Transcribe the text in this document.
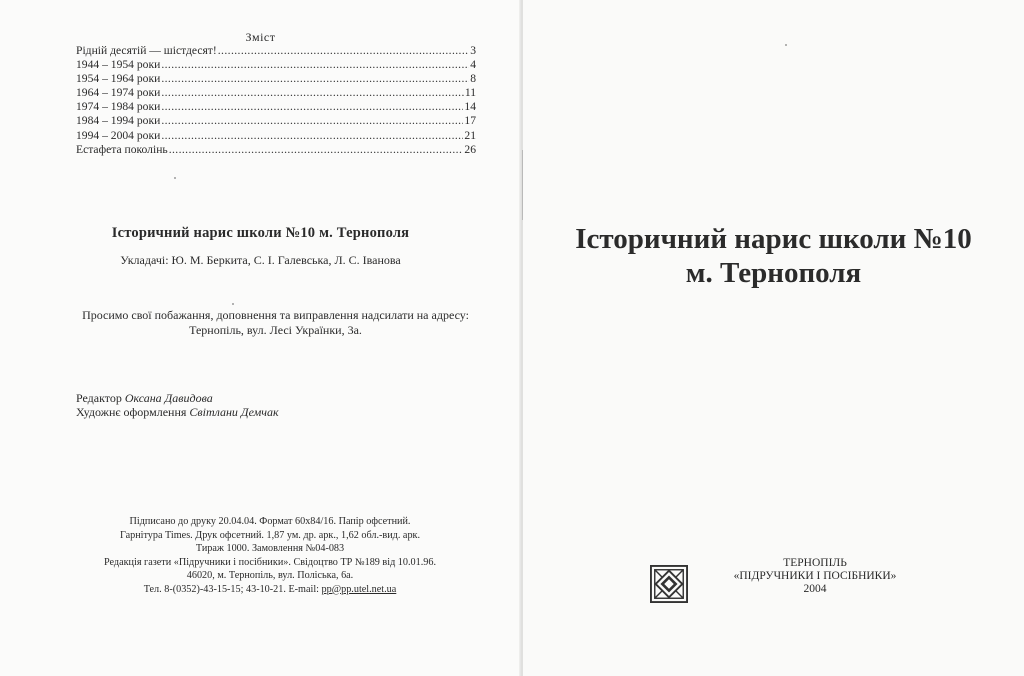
Зміст
Рідній десятій — шістдесят! .....	3
1944 – 1954 роки .....	4
1954 – 1964 роки .....	8
1964 – 1974 роки .....	11
1974 – 1984 роки .....	14
1984 – 1994 роки .....	17
1994 – 2004 роки .....	21
Естафета поколінь .....	26
Історичний нарис школи №10 м. Тернополя
Укладачі: Ю. М. Беркита, С. І. Галевська, Л. С. Іванова
Просимо свої побажання, доповнення та виправлення надсилати на адресу:
Тернопіль, вул. Лесі Українки, 3а.
Редактор Оксана Давидова
Художнє оформлення Світлани Демчак
Підписано до друку 20.04.04. Формат 60х84/16. Папір офсетний.
Гарнітура Times. Друк офсетний. 1,87 ум. др. арк., 1,62 обл.-вид. арк.
Тираж 1000. Замовлення №04-083
Редакція газети «Підручники і посібники». Свідоцтво ТР №189 від 10.01.96.
46020, м. Тернопіль, вул. Поліська, 6а.
Тел. 8-(0352)-43-15-15; 43-10-21. E-mail: pp@pp.utel.net.ua
Історичний нарис школи №10
м. Тернополя
ТЕРНОПІЛЬ
«ПІДРУЧНИКИ І ПОСІБНИКИ»
2004
